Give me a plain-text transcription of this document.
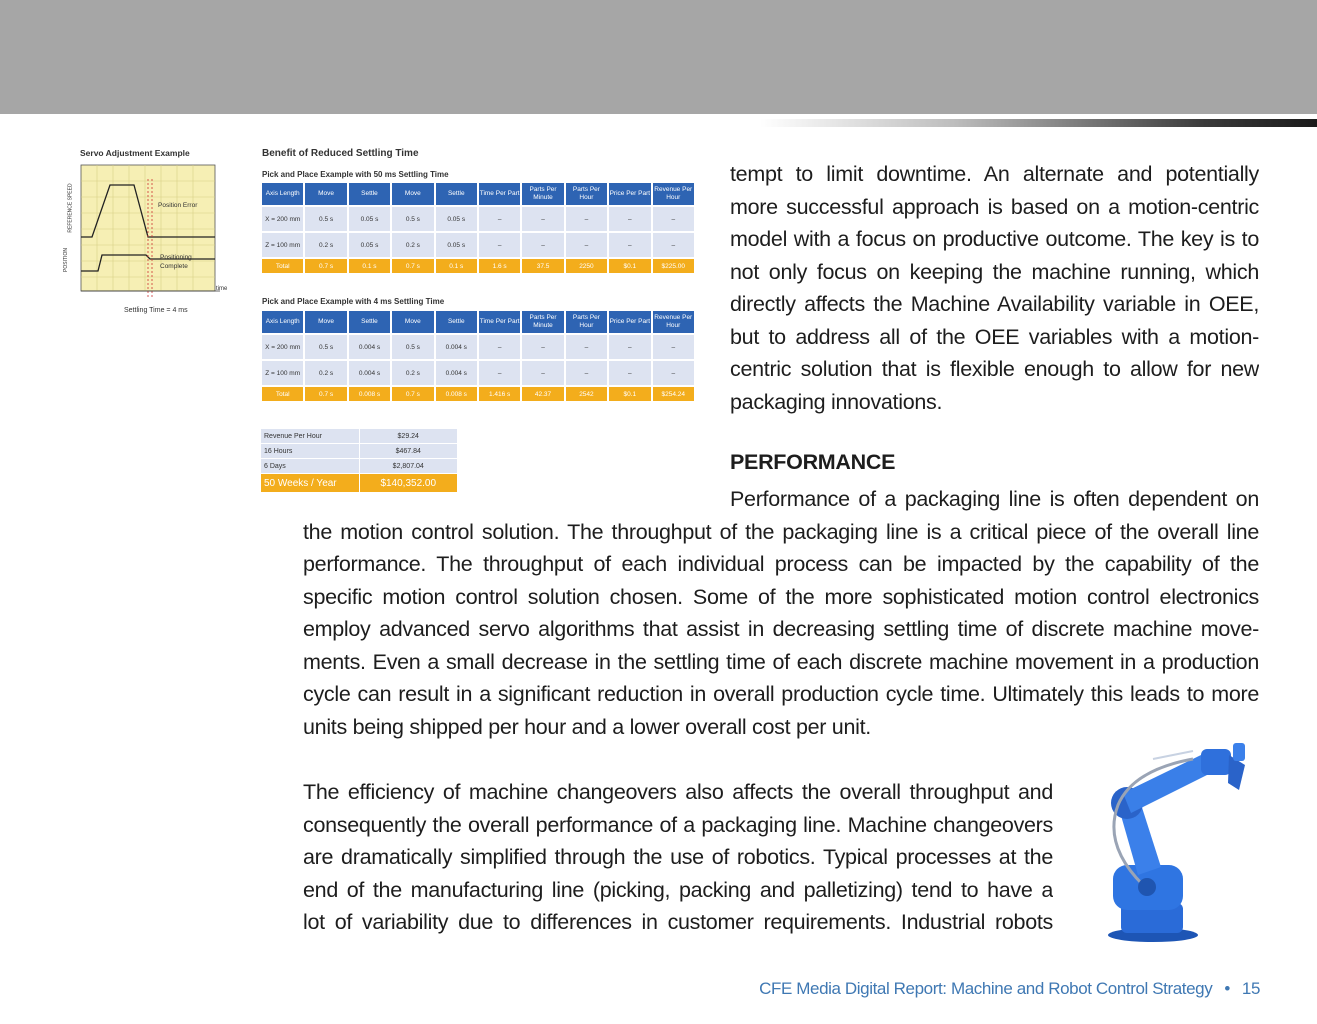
Servo Adjustment Example
POSITION
REFERENCE SPEED	Position Error
Positioning Complete
time
Settling Time = 4 ms
Benefit of Reduced Settling Time
Pick and Place Example with 50 ms Settling Time
Axis Length	Move	Settle	Move	Settle	Time Per Part	Parts Per Minute	Parts Per Hour	Price Per Part	Revenue Per Hour
X = 200 mm	0.5 s	0.05 s	0.5 s	0.05 s	–	–	–	–	–
Z = 100 mm	0.2 s	0.05 s	0.2 s	0.05 s	–	–	–	–	–
Total	0.7 s	0.1 s	0.7 s	0.1 s	1.6 s	37.5	2250	$0.1	$225.00
Pick and Place Example with 4 ms Settling Time
Axis Length	Move	Settle	Move	Settle	Time Per Part	Parts Per Minute	Parts Per Hour	Price Per Part	Revenue Per Hour
X = 200 mm	0.5 s	0.004 s	0.5 s	0.004 s	–	–	–	–	–
Z = 100 mm	0.2 s	0.004 s	0.2 s	0.004 s	–	–	–	–	–
Total	0.7 s	0.008 s	0.7 s	0.008 s	1.416 s	42.37	2542	$0.1	$254.24
Revenue Per Hour	$29.24
16 Hours	$467.84
6 Days	$2,807.04
50 Weeks / Year	$140,352.00
tempt to limit downtime. An alternate and potentially
more successful approach is based on a motion-centric
model with a focus on productive outcome. The key is to
not only focus on keeping the machine running, which
directly affects the Machine Availability variable in OEE,
but to address all of the OEE variables with a motion-
centric solution that is flexible enough to allow for new
packaging innovations.
PERFORMANCE
Performance of a packaging line is often dependent on
the motion control solution. The throughput of the packaging line is a critical piece of the overall line
performance. The throughput of each individual process can be impacted by the capability of the
specific motion control solution chosen. Some of the more sophisticated motion control electronics
employ advanced servo algorithms that assist in decreasing settling time of discrete machine move-
ments. Even a small decrease in the settling time of each discrete machine movement in a production
cycle can result in a significant reduction in overall production cycle time. Ultimately this leads to more
units being shipped per hour and a lower overall cost per unit.
The efficiency of machine changeovers also affects the overall throughput and
consequently the overall performance of a packaging line. Machine changeovers
are dramatically simplified through the use of robotics. Typical processes at the
end of the manufacturing line (picking, packing and palletizing) tend to have a
lot of variability due to differences in customer requirements. Industrial robots
CFE Media Digital Report: Machine and Robot Control Strategy • 15
